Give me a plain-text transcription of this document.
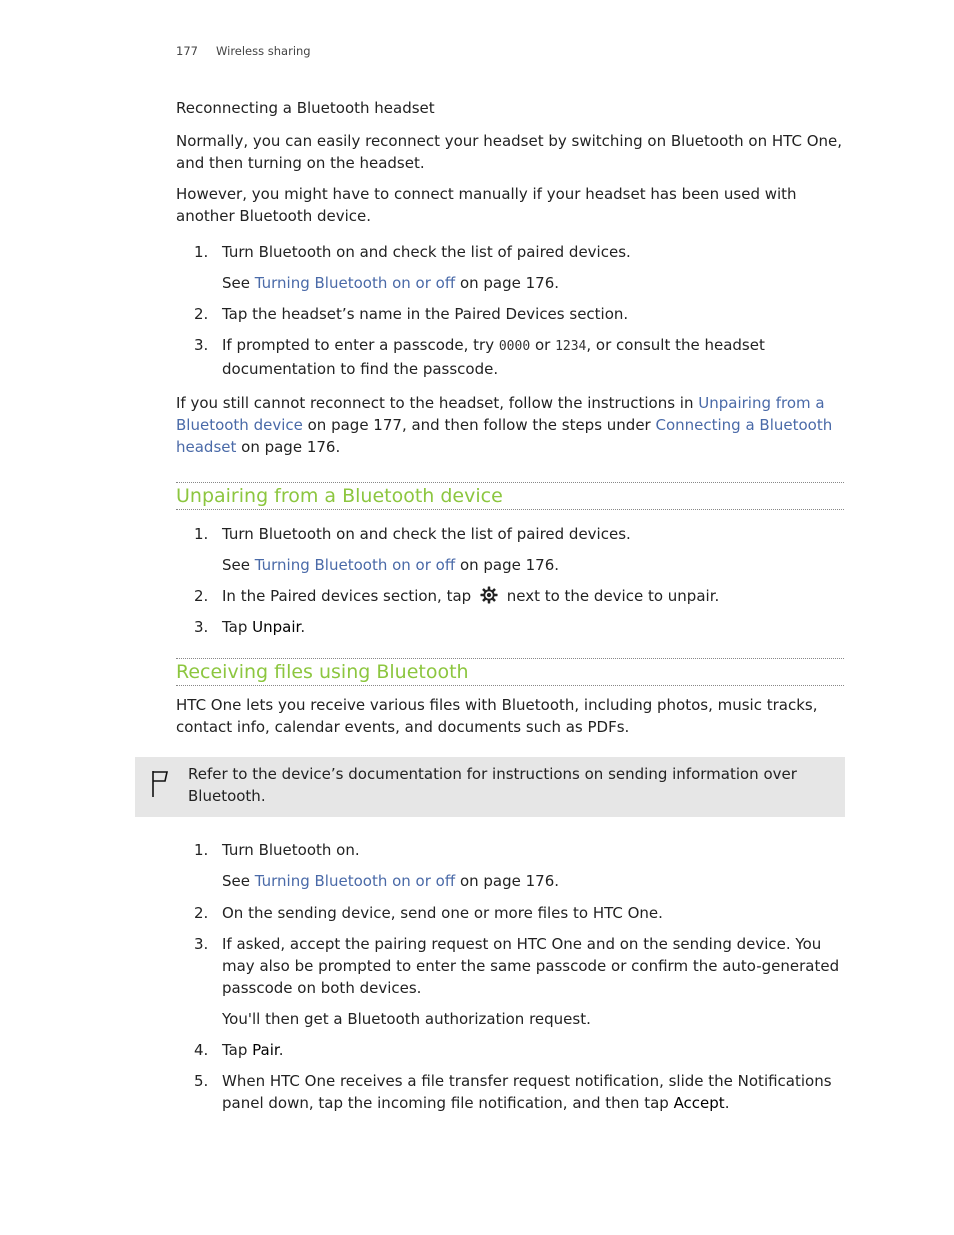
177 Wireless sharing
Reconnecting a Bluetooth headset

Normally, you can easily reconnect your headset by switching on Bluetooth on HTC One, and then turning on the headset.

However, you might have to connect manually if your headset has been used with another Bluetooth device.

1. Turn Bluetooth on and check the list of paired devices.
See Turning Bluetooth on or off on page 176.
2. Tap the headset’s name in the Paired Devices section.
3. If prompted to enter a passcode, try 0000 or 1234, or consult the headset documentation to find the passcode.

If you still cannot reconnect to the headset, follow the instructions in Unpairing from a Bluetooth device on page 177, and then follow the steps under Connecting a Bluetooth headset on page 176.

Unpairing from a Bluetooth device
1. Turn Bluetooth on and check the list of paired devices.
See Turning Bluetooth on or off on page 176.
2. In the Paired devices section, tap  next to the device to unpair.
3. Tap Unpair.
Receiving files using Bluetooth

HTC One lets you receive various files with Bluetooth, including photos, music tracks, contact info, calendar events, and documents such as PDFs.

Refer to the device’s documentation for instructions on sending information over Bluetooth.
1. Turn Bluetooth on.
See Turning Bluetooth on or off on page 176.
2. On the sending device, send one or more files to HTC One.
3. If asked, accept the pairing request on HTC One and on the sending device. You may also be prompted to enter the same passcode or confirm the auto-generated passcode on both devices.
You'll then get a Bluetooth authorization request.
4. Tap Pair.
5. When HTC One receives a file transfer request notification, slide the Notifications panel down, tap the incoming file notification, and then tap Accept.
